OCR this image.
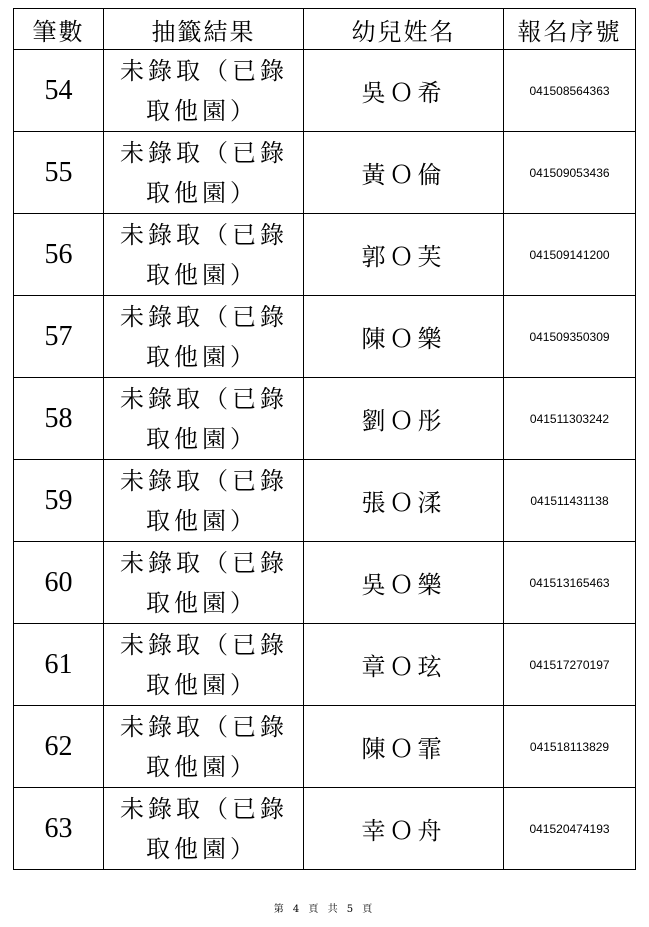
筆數	抽籤結果	幼兒姓名	報名序號
54	未錄取（已錄
取他園）	吳Ｏ希	041508564363
55	未錄取（已錄
取他園）	黃Ｏ倫	041509053436
56	未錄取（已錄
取他園）	郭Ｏ芙	041509141200
57	未錄取（已錄
取他園）	陳Ｏ樂	041509350309
58	未錄取（已錄
取他園）	劉Ｏ彤	041511303242
59	未錄取（已錄
取他園）	張Ｏ渘	041511431138
60	未錄取（已錄
取他園）	吳Ｏ樂	041513165463
61	未錄取（已錄
取他園）	章Ｏ玹	041517270197
62	未錄取（已錄
取他園）	陳Ｏ霏	041518113829
63	未錄取（已錄
取他園）	幸Ｏ舟	041520474193
第 4 頁 共 5 頁
